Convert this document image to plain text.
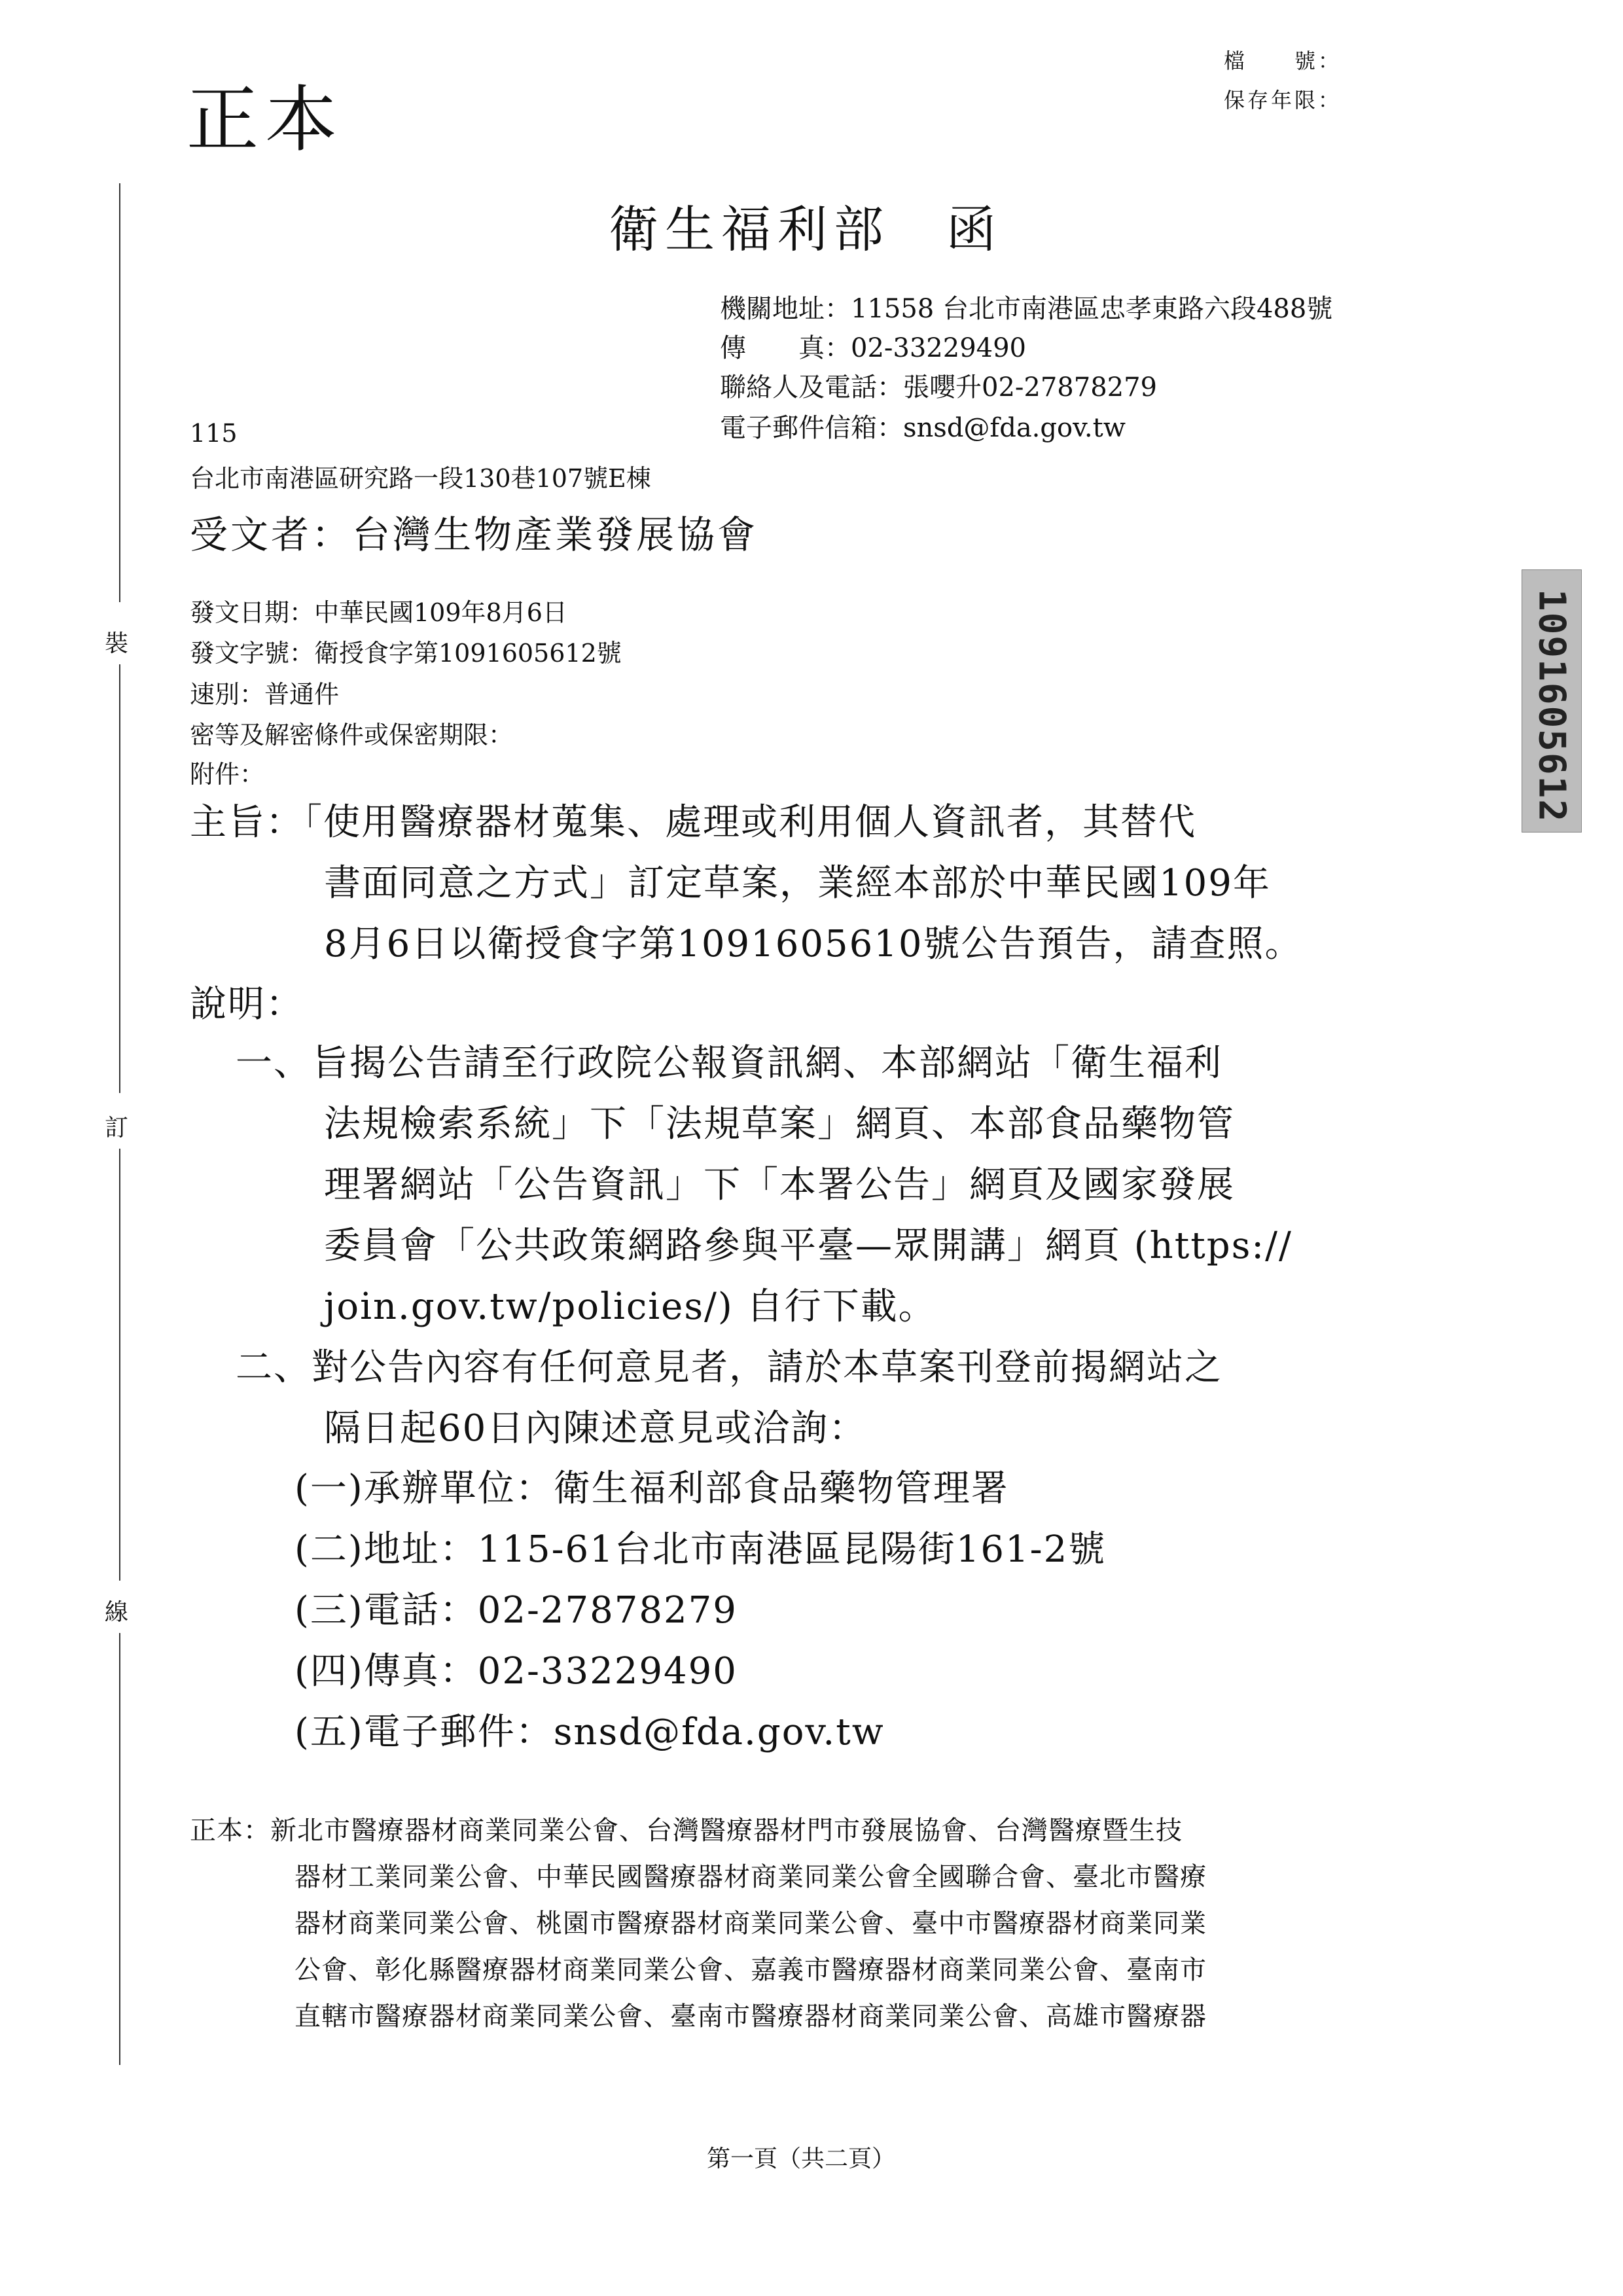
正本
檔　　號：
保存年限：
裝
訂
線
1091605612
衛生福利部　函
機關地址：11558 台北市南港區忠孝東路六段488號
傳　　真：02-33229490
聯絡人及電話：張嚶升02-27878279
電子郵件信箱：snsd@fda.gov.tw
115
台北市南港區研究路一段130巷107號E棟
受文者：台灣生物產業發展協會
發文日期：中華民國109年8月6日
發文字號：衛授食字第1091605612號
速別：普通件
密等及解密條件或保密期限：
附件：
主旨：「使用醫療器材蒐集、處理或利用個人資訊者，其替代
書面同意之方式」訂定草案，業經本部於中華民國109年
8月6日以衛授食字第1091605610號公告預告，請查照。
說明：
一、旨揭公告請至行政院公報資訊網、本部網站「衛生福利
法規檢索系統」下「法規草案」網頁、本部食品藥物管
理署網站「公告資訊」下「本署公告」網頁及國家發展
委員會「公共政策網路參與平臺—眾開講」網頁 (https://
join.gov.tw/policies/) 自行下載。
二、對公告內容有任何意見者，請於本草案刊登前揭網站之
隔日起60日內陳述意見或洽詢：
(一)承辦單位：衛生福利部食品藥物管理署
(二)地址：115-61台北市南港區昆陽街161-2號
(三)電話：02-27878279
(四)傳真：02-33229490
(五)電子郵件：snsd@fda.gov.tw
正本：新北市醫療器材商業同業公會、台灣醫療器材門市發展協會、台灣醫療暨生技
器材工業同業公會、中華民國醫療器材商業同業公會全國聯合會、臺北市醫療
器材商業同業公會、桃園市醫療器材商業同業公會、臺中市醫療器材商業同業
公會、彰化縣醫療器材商業同業公會、嘉義市醫療器材商業同業公會、臺南市
直轄市醫療器材商業同業公會、臺南市醫療器材商業同業公會、高雄市醫療器
第一頁（共二頁）
